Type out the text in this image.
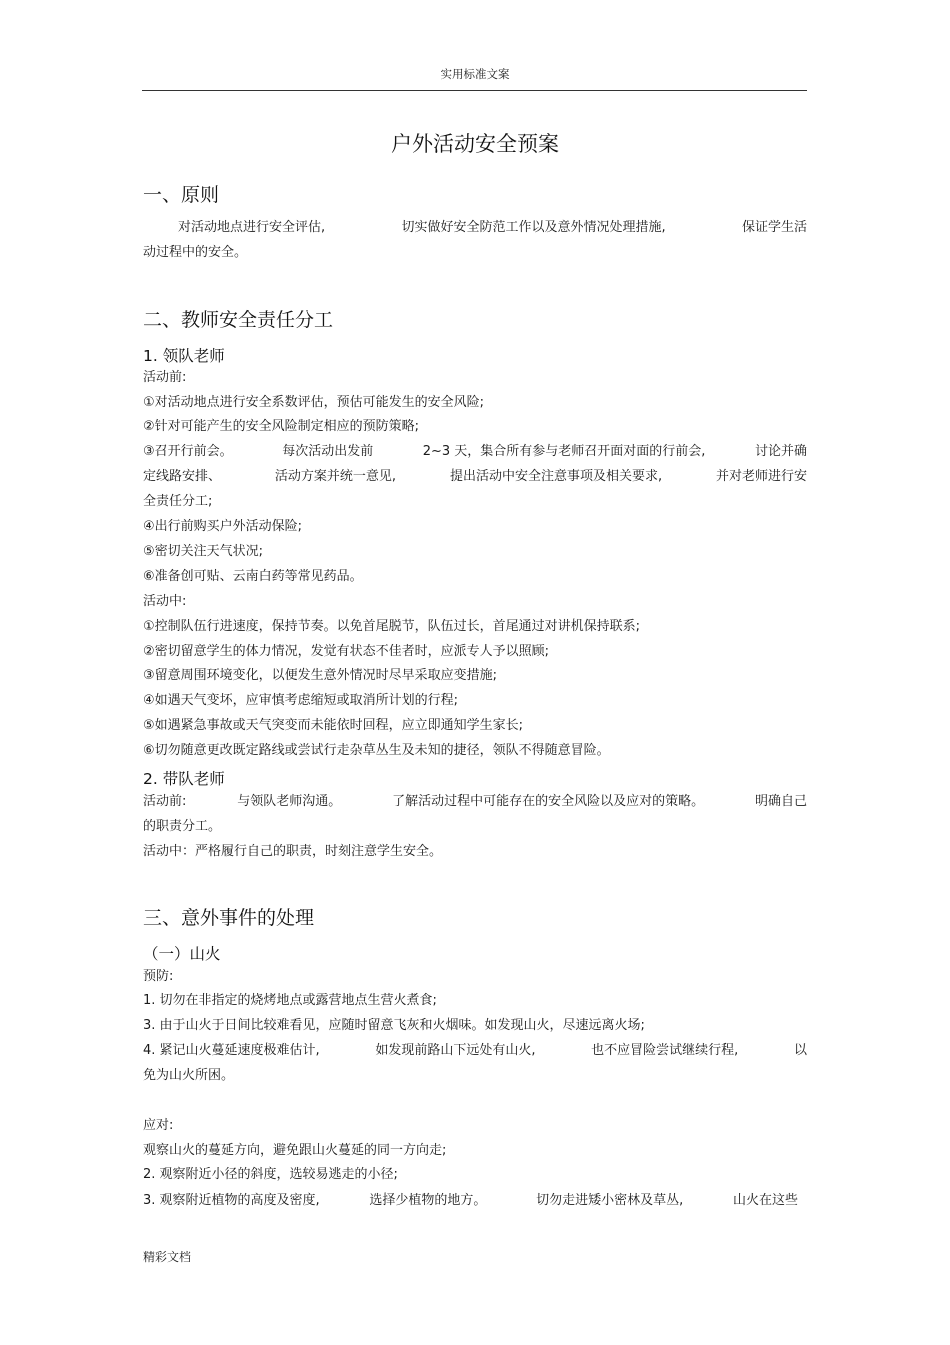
实用标准文案
户外活动安全预案
一、原则
对活动地点进行安全评估,	切实做好安全防范工作以及意外情况处理措施,	保证学生活
动过程中的安全。
二、教师安全责任分工
1. 领队老师
活动前:
①对活动地点进行安全系数评估，预估可能发生的安全风险;
②针对可能产生的安全风险制定相应的预防策略;
③召开行前会。	每次活动出发前	2~3 天，集合所有参与老师召开面对面的行前会,	讨论并确
定线路安排、	活动方案并统一意见,	提出活动中安全注意事项及相关要求,	并对老师进行安
全责任分工;
④出行前购买户外活动保险;
⑤密切关注天气状况;
⑥准备创可贴、云南白药等常见药品。
活动中:
①控制队伍行进速度，保持节奏。以免首尾脱节，队伍过长，首尾通过对讲机保持联系;
②密切留意学生的体力情况，发觉有状态不佳者时，应派专人予以照顾;
③留意周围环境变化，以便发生意外情况时尽早采取应变措施;
④如遇天气变坏，应审慎考虑缩短或取消所计划的行程;
⑤如遇紧急事故或天气突变而未能依时回程，应立即通知学生家长;
⑥切勿随意更改既定路线或尝试行走杂草丛生及未知的捷径，领队不得随意冒险。
2. 带队老师
活动前:	与领队老师沟通。	了解活动过程中可能存在的安全风险以及应对的策略。	明确自己
的职责分工。
活动中：严格履行自己的职责，时刻注意学生安全。
三、意外事件的处理
（一）山火
预防:
1. 切勿在非指定的烧烤地点或露营地点生营火煮食;
3. 由于山火于日间比较难看见，应随时留意飞灰和火烟味。如发现山火，尽速远离火场;
4. 紧记山火蔓延速度极难估计,	如发现前路山下远处有山火,	也不应冒险尝试继续行程,	以
免为山火所困。
应对:
观察山火的蔓延方向，避免跟山火蔓延的同一方向走;
2. 观察附近小径的斜度，选较易逃走的小径;
3. 观察附近植物的高度及密度,	选择少植物的地方。	切勿走进矮小密林及草丛,	山火在这些
精彩文档
